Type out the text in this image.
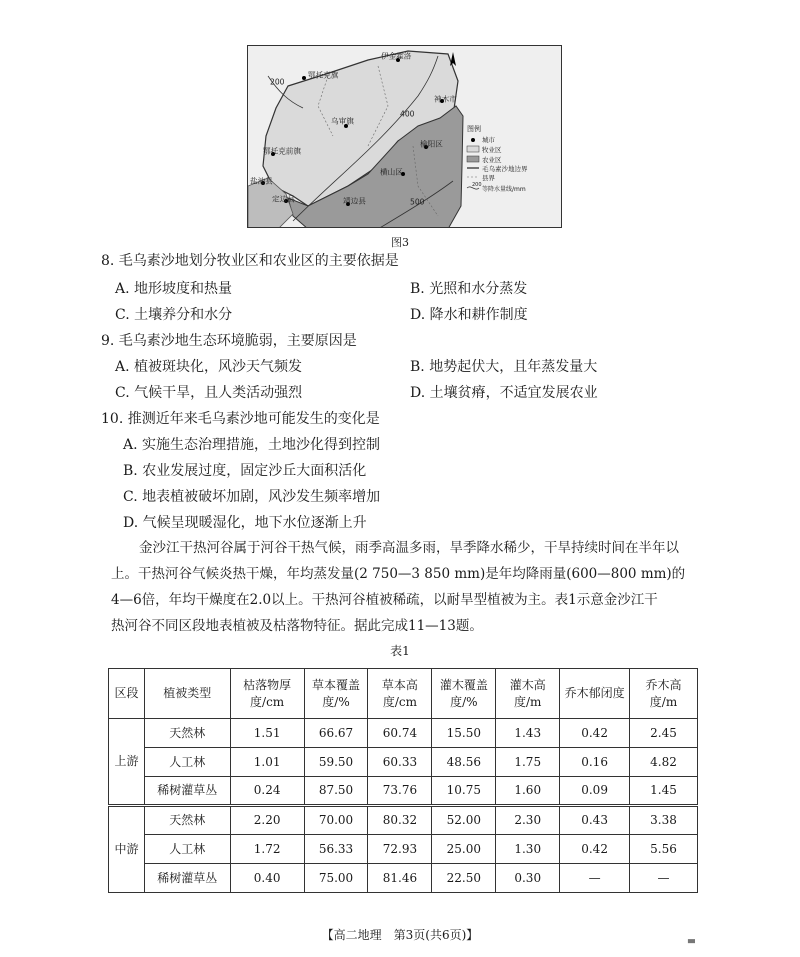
伊金霍洛
鄂托克旗
乌审旗
鄂托克前旗
神木市
榆阳区
横山区
盐池县
定边县	靖边县
200
400
500
图例
城市
牧业区
农业区
毛乌素沙地边界
县界
等降水量线/mm
200
图3
8. 毛乌素沙地划分牧业区和农业区的主要依据是
A. 地形坡度和热量	B. 光照和水分蒸发
C. 土壤养分和水分	D. 降水和耕作制度
9. 毛乌素沙地生态环境脆弱，主要原因是
A. 植被斑块化，风沙天气频发	B. 地势起伏大，且年蒸发量大
C. 气候干旱，且人类活动强烈	D. 土壤贫瘠，不适宜发展农业
10. 推测近年来毛乌素沙地可能发生的变化是
A. 实施生态治理措施，土地沙化得到控制
B. 农业发展过度，固定沙丘大面积活化
C. 地表植被破坏加剧，风沙发生频率增加
D. 气候呈现暖湿化，地下水位逐渐上升
金沙江干热河谷属于河谷干热气候，雨季高温多雨，旱季降水稀少，干旱持续时间在半年以
上。干热河谷气候炎热干燥，年均蒸发量(2 750—3 850 mm)是年均降雨量(600—800 mm)的
4—6倍，年均干燥度在2.0以上。干热河谷植被稀疏，以耐旱型植被为主。表1示意金沙江干
热河谷不同区段地表植被及枯落物特征。据此完成11—13题。
表1
区段	植被类型	枯落物厚度/cm	草本覆盖度/%	草本高度/cm	灌木覆盖度/%	灌木高度/m	乔木郁闭度	乔木高度/m
上游	天然林	1.51	66.67	60.74	15.50	1.43	0.42	2.45
	人工林	1.01	59.50	60.33	48.56	1.75	0.16	4.82
	稀树灌草丛	0.24	87.50	73.76	10.75	1.60	0.09	1.45
中游	天然林	2.20	70.00	80.32	52.00	2.30	0.43	3.38
	人工林	1.72	56.33	72.93	25.00	1.30	0.42	5.56
	稀树灌草丛	0.40	75.00	81.46	22.50	0.30	—	—
【高二地理　第3页(共6页)】	▃
